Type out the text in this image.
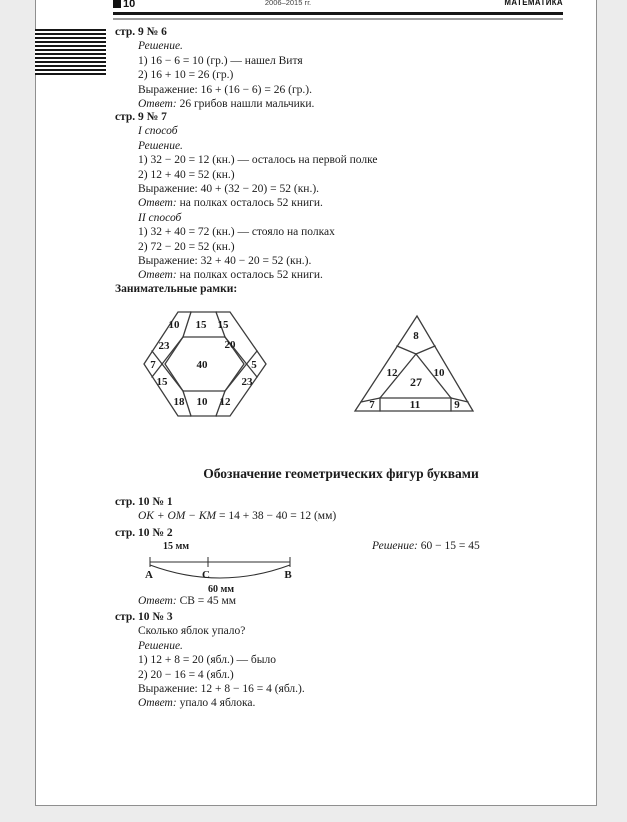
10	2006–2015 гг.	МАТЕМАТИКА
стр. 9 № 6
Решение.
1) 16 − 6 = 10 (гр.) — нашел Витя
2) 16 + 10 = 26 (гр.)
Выражение: 16 + (16 − 6) = 26 (гр.).
Ответ: 26 грибов нашли мальчики.
стр. 9 № 7
I способ
Решение.
1) 32 − 20 = 12 (кн.) — осталось на первой полке
2) 12 + 40 = 52 (кн.)
Выражение: 40 + (32 − 20) = 52 (кн.).
Ответ: на полках осталось 52 книги.
II способ
1) 32 + 40 = 72 (кн.) — стояло на полках
2) 72 − 20 = 52 (кн.)
Выражение: 32 + 40 − 20 = 52 (кн.).
Ответ: на полках осталось 52 книги.
Занимательные рамки:
10 15 15
23	20
7	5
15	23
18 10 12
40
8
12	10
27
7	11	9
Обозначение геометрических фигур буквами
стр. 10 № 1
OK + OM − KM = 14 + 38 − 40 = 12 (мм)
стр. 10 № 2
15 мм
A	C	B
60 мм
Решение: 60 − 15 = 45
Ответ: CB = 45 мм
стр. 10 № 3
Сколько яблок упало?
Решение.
1) 12 + 8 = 20 (ябл.) — было
2) 20 − 16 = 4 (ябл.)
Выражение: 12 + 8 − 16 = 4 (ябл.).
Ответ: упало 4 яблока.
